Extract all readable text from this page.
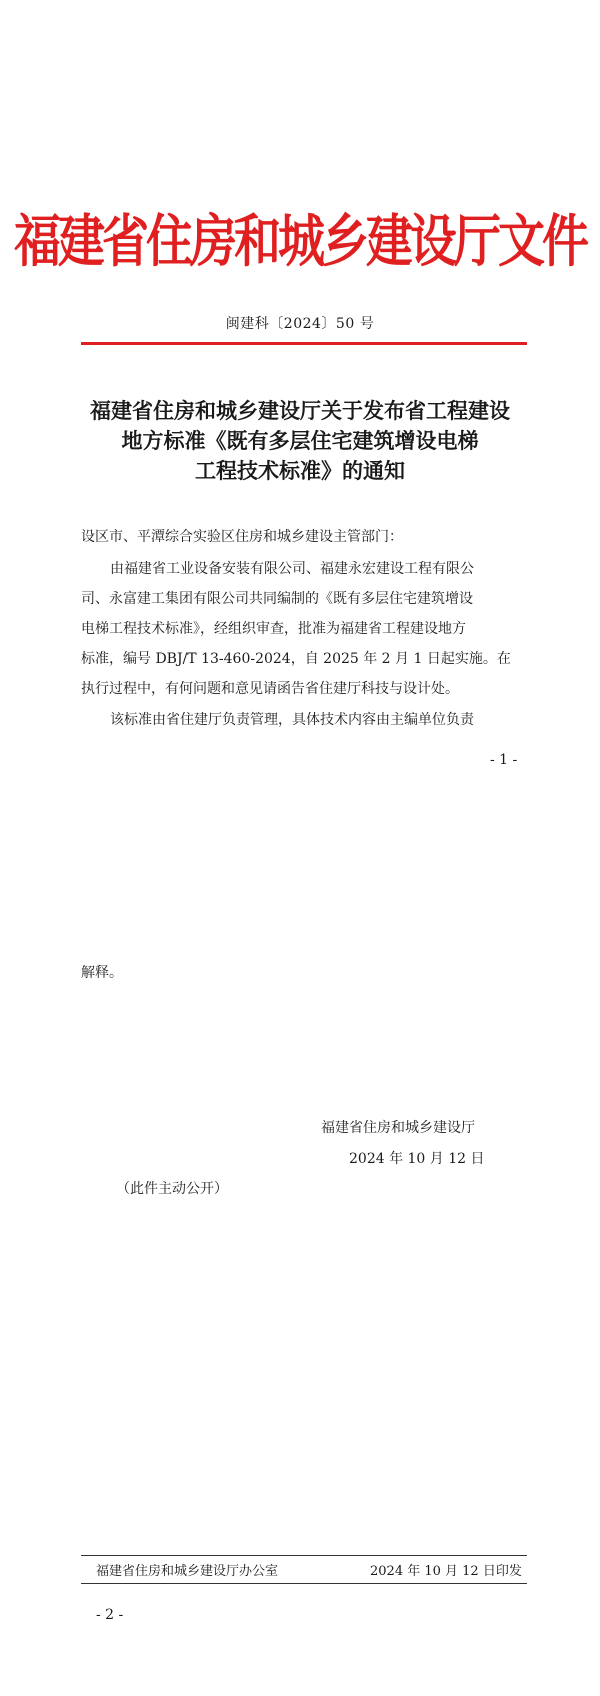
福建省住房和城乡建设厅文件
闽建科〔2024〕50 号
福建省住房和城乡建设厅关于发布省工程建设
地方标准《既有多层住宅建筑增设电梯
工程技术标准》的通知
设区市、平潭综合实验区住房和城乡建设主管部门：
由福建省工业设备安装有限公司、福建永宏建设工程有限公
司、永富建工集团有限公司共同编制的《既有多层住宅建筑增设
电梯工程技术标准》，经组织审查，批准为福建省工程建设地方
标准，编号 DBJ/T 13-460-2024，自 2025 年 2 月 1 日起实施。在
执行过程中，有何问题和意见请函告省住建厅科技与设计处。
该标准由省住建厅负责管理，具体技术内容由主编单位负责
- 1 -
解释。
福建省住房和城乡建设厅
2024 年 10 月 12 日
（此件主动公开）
福建省住房和城乡建设厅办公室	2024 年 10 月 12 日印发
- 2 -
